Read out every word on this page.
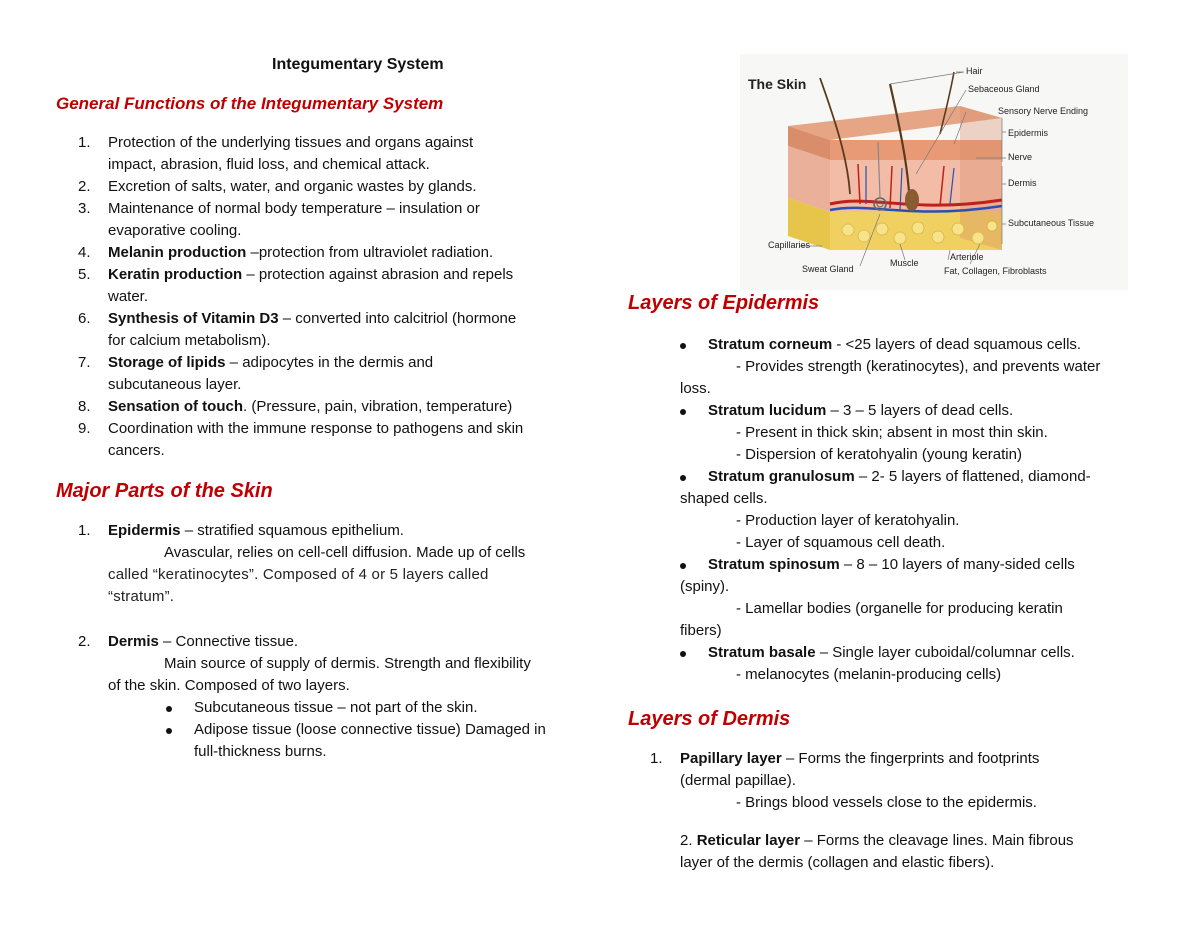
Integumentary System
General Functions of the Integumentary System
1.	Protection of the underlying tissues and organs against
impact, abrasion, fluid loss, and chemical attack.
2.	Excretion of salts, water, and organic wastes by glands.
3.	Maintenance of normal body temperature – insulation or
evaporative cooling.
4.	Melanin production –protection from ultraviolet radiation.
5.	Keratin production – protection against abrasion and repels
water.
6.	Synthesis of Vitamin D3 – converted into calcitriol (hormone
for calcium metabolism).
7.	Storage of lipids – adipocytes in the dermis and
subcutaneous layer.
8.	Sensation of touch. (Pressure, pain, vibration, temperature)
9.	Coordination with the immune response to pathogens and skin
cancers.
Major Parts of the Skin
1.	Epidermis – stratified squamous epithelium.
Avascular, relies on cell-cell diffusion. Made up of cells
called “keratinocytes”. Composed of 4 or 5 layers called
“stratum”.
2.	Dermis – Connective tissue.
Main source of supply of dermis. Strength and flexibility
of the skin. Composed of two layers.
Subcutaneous tissue – not part of the skin.
Adipose tissue (loose connective tissue) Damaged in
full-thickness burns.
The Skin
Hair
Sebaceous Gland
Sensory Nerve Ending
Epidermis
Nerve
Dermis
Subcutaneous Tissue
Capillaries
Arteriole
Sweat Gland
Muscle
Fat, Collagen, Fibroblasts
Layers of Epidermis
Stratum corneum - <25 layers of dead squamous cells.
- Provides strength (keratinocytes), and prevents water
loss.
Stratum lucidum – 3 – 5 layers of dead cells.
- Present in thick skin; absent in most thin skin.
- Dispersion of keratohyalin (young keratin)
Stratum granulosum – 2- 5 layers of flattened, diamond-
shaped cells.
- Production layer of keratohyalin.
- Layer of squamous cell death.
Stratum spinosum – 8 – 10 layers of many-sided cells
(spiny).
- Lamellar bodies (organelle for producing keratin
fibers)
Stratum basale – Single layer cuboidal/columnar cells.
- melanocytes (melanin-producing cells)
Layers of Dermis
1.	Papillary layer – Forms the fingerprints and footprints
(dermal papillae).
- Brings blood vessels close to the epidermis.
2. Reticular layer – Forms the cleavage lines. Main fibrous
layer of the dermis (collagen and elastic fibers).
